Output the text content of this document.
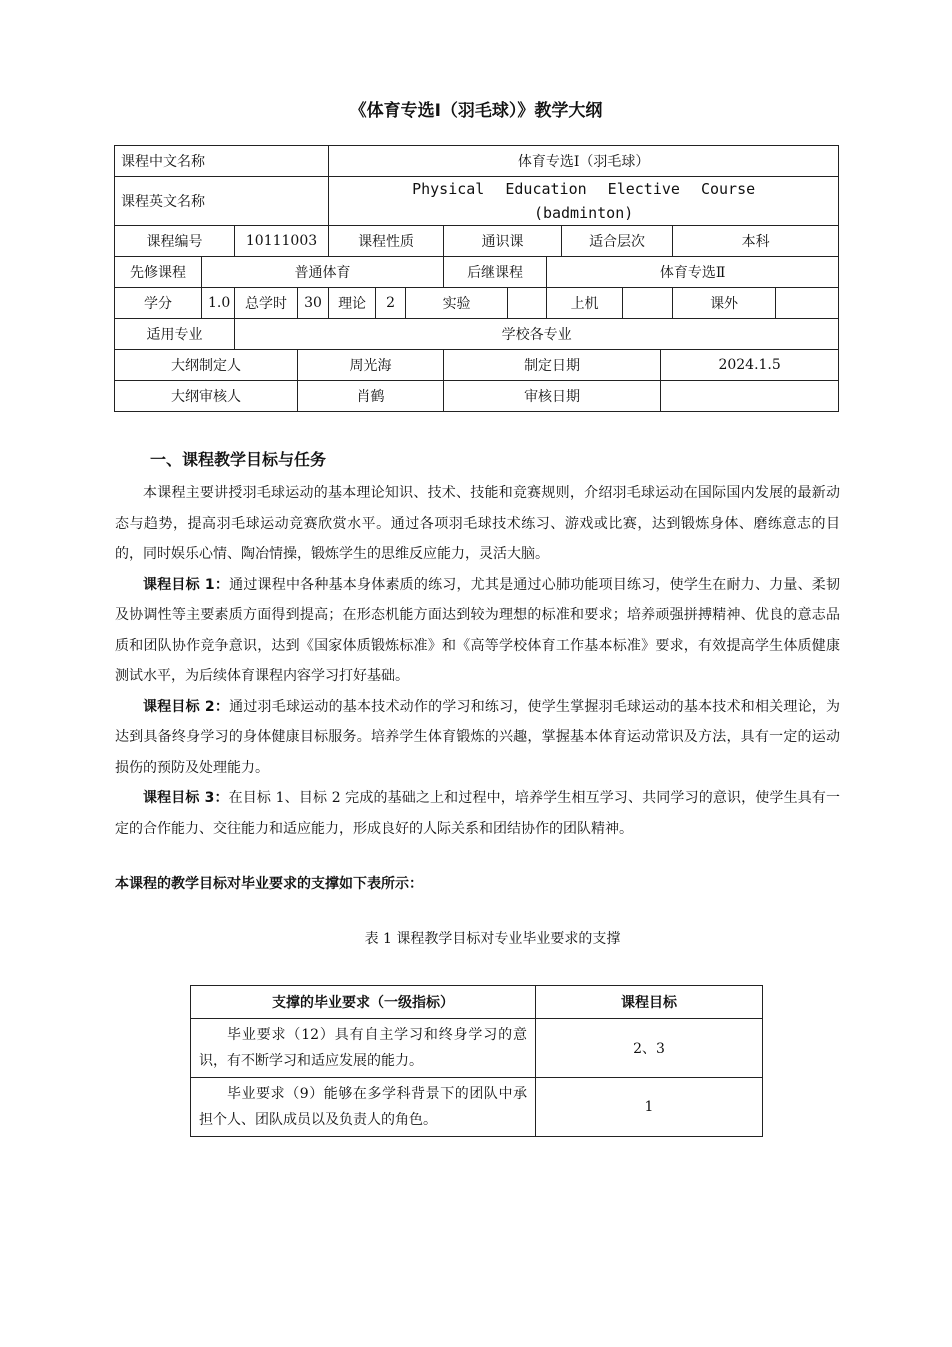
《体育专选Ⅰ（羽毛球）》教学大纲
课程中文名称				体育专选Ⅰ（羽毛球）										
课程英文名称				Physical Education Elective Course
(badminton)										

课程编号		10111003		课程性质			通识课			适合层次			本科	
先修课程	普通体育						后继课程		体育专选Ⅱ					
学分	1.0	总学时	30	理论	2	实验			上机				课外	
适用专业		学校各专业												
大纲制定人			周光海				制定日期					2024.1.5		
大纲审核人			肖鹤				审核日期							
一、课程教学目标与任务

本课程主要讲授羽毛球运动的基本理论知识、技术、技能和竞赛规则，介绍羽毛球运动在国际国内发展的最新动态与趋势，提高羽毛球运动竞赛欣赏水平。通过各项羽毛球技术练习、游戏或比赛，达到锻炼身体、磨练意志的目的，同时娱乐心情、陶冶情操，锻炼学生的思维反应能力，灵活大脑。

课程目标 1：通过课程中各种基本身体素质的练习，尤其是通过心肺功能项目练习，使学生在耐力、力量、柔韧及协调性等主要素质方面得到提高；在形态机能方面达到较为理想的标准和要求；培养顽强拼搏精神、优良的意志品质和团队协作竞争意识，达到《国家体质锻炼标准》和《高等学校体育工作基本标准》要求，有效提高学生体质健康测试水平，为后续体育课程内容学习打好基础。

课程目标 2：通过羽毛球运动的基本技术动作的学习和练习，使学生掌握羽毛球运动的基本技术和相关理论，为达到具备终身学习的身体健康目标服务。培养学生体育锻炼的兴趣，掌握基本体育运动常识及方法，具有一定的运动损伤的预防及处理能力。

课程目标 3：在目标 1、目标 2 完成的基础之上和过程中，培养学生相互学习、共同学习的意识，使学生具有一定的合作能力、交往能力和适应能力，形成良好的人际关系和团结协作的团队精神。

本课程的教学目标对毕业要求的支撑如下表所示：
表 1 课程教学目标对专业毕业要求的支撑
支撑的毕业要求（一级指标）	课程目标
毕业要求（12）具有自主学习和终身学习的意识，有不断学习和适应发展的能力。	2、3
毕业要求（9）能够在多学科背景下的团队中承担个人、团队成员以及负责人的角色。	1
